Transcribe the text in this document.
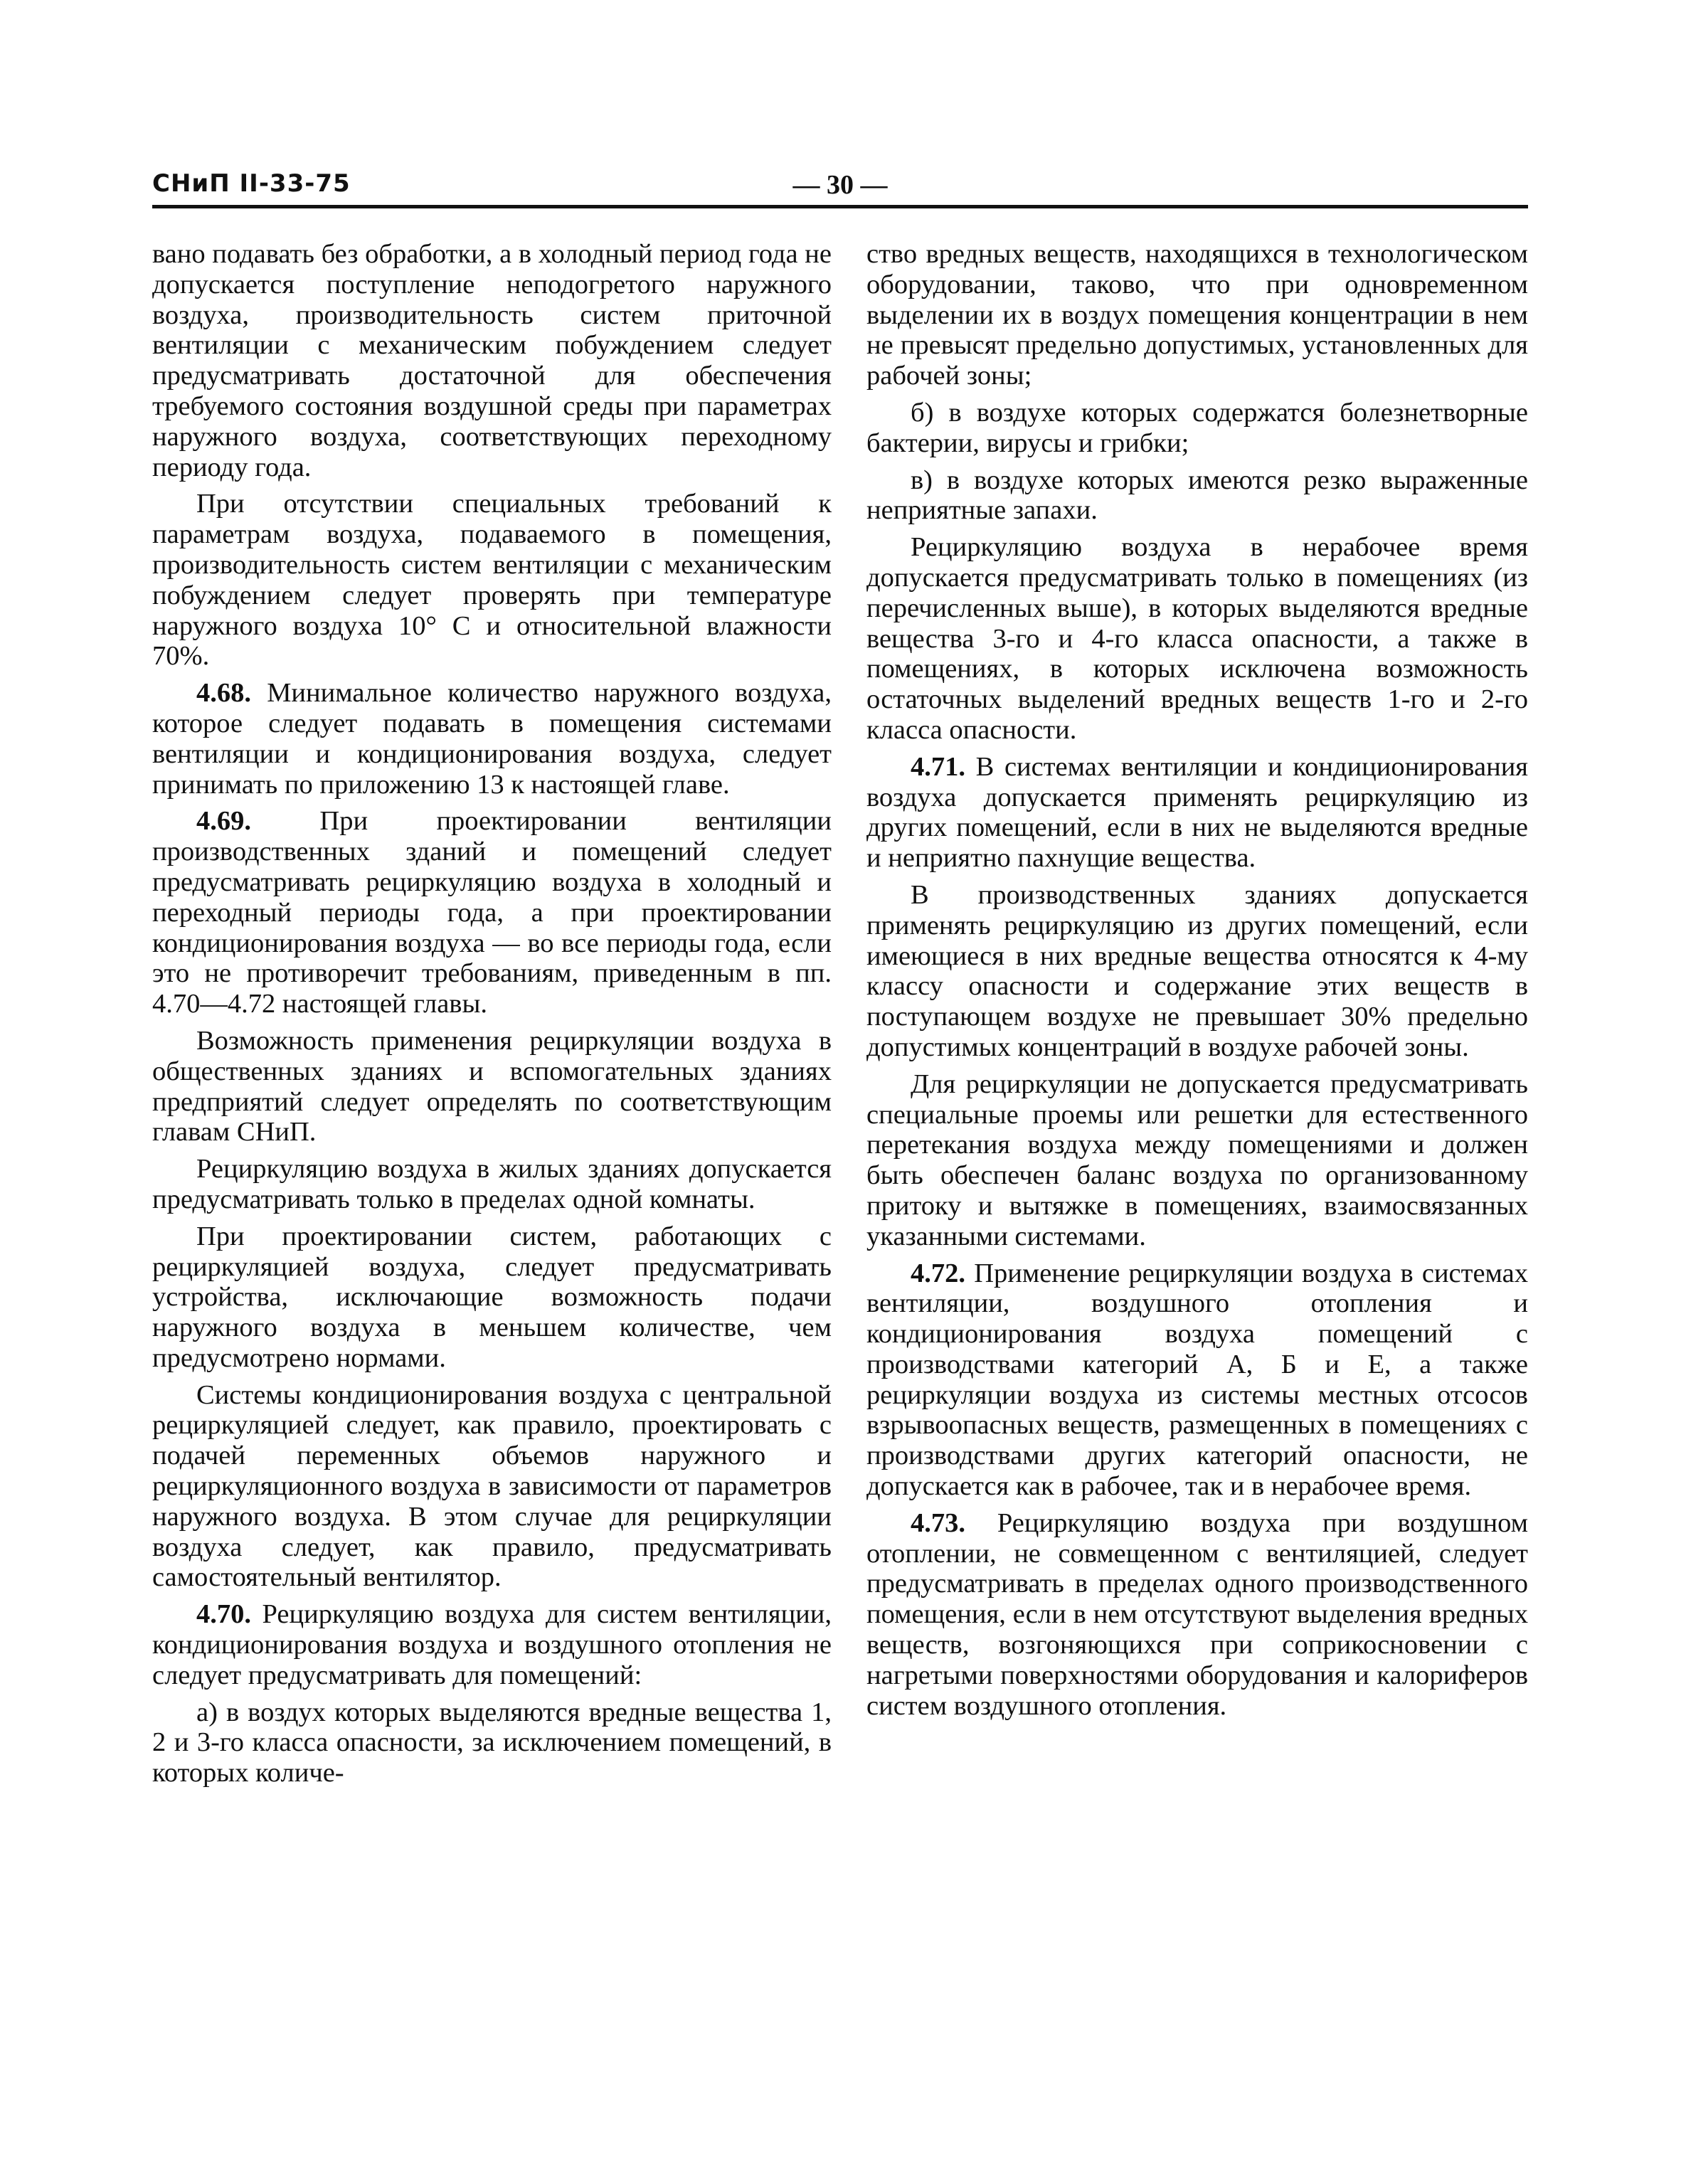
СНиП II-33-75	— 30 —

вано подавать без обработки, а в холодный период года не допускается поступление неподогретого наружного воздуха, производительность систем приточной вентиляции с механическим побуждением следует предусматривать достаточной для обеспечения требуемого состояния воздушной среды при параметрах наружного воздуха, соответствующих переходному периоду года.

При отсутствии специальных требований к параметрам воздуха, подаваемого в помещения, производительность систем вентиляции с механическим побуждением следует проверять при температуре наружного воздуха 10° С и относительной влажности 70%.

4.68. Минимальное количество наружного воздуха, которое следует подавать в помещения системами вентиляции и кондиционирования воздуха, следует принимать по приложению 13 к настоящей главе.

4.69.	При проектировании вентиляции производственных зданий и помещений следует предусматривать рециркуляцию воздуха в холодный и переходный периоды года, а при проектировании кондиционирования воздуха — во все периоды года, если это не противоречит требованиям, приведенным в пп. 4.70—4.72 настоящей главы.

Возможность применения рециркуляции воздуха в общественных зданиях и вспомогательных зданиях предприятий следует определять по соответствующим главам СНиП.

Рециркуляцию воздуха в жилых зданиях допускается предусматривать только в пределах одной комнаты.

При проектировании систем, работающих с рециркуляцией воздуха, следует предусматривать устройства, исключающие возможность подачи наружного воздуха в меньшем количестве, чем предусмотрено нормами.

Системы кондиционирования воздуха с центральной рециркуляцией следует, как правило, проектировать с подачей переменных объемов наружного и рециркуляционного воздуха в зависимости от параметров наружного воздуха. В этом случае для рециркуляции воздуха следует, как правило, предусматривать самостоятельный вентилятор.

4.70. Рециркуляцию воздуха для систем вентиляции, кондиционирования воздуха и воздушного отопления не следует предусматривать для помещений:

а) в воздух которых выделяются вредные вещества 1, 2 и 3-го класса опасности, за исключением помещений, в которых количе-

ство вредных веществ, находящихся в технологическом оборудовании, таково, что при одновременном выделении их в воздух помещения концентрации в нем не превысят предельно допустимых, установленных для рабочей зоны;

б) в воздухе которых содержатся болезнетворные бактерии, вирусы и грибки;

в) в воздухе которых имеются резко выраженные неприятные запахи.

Рециркуляцию воздуха в нерабочее время допускается предусматривать только в помещениях (из перечисленных выше), в которых выделяются вредные вещества 3-го и 4-го класса опасности, а также в помещениях, в которых исключена возможность остаточных выделений вредных веществ 1-го и 2-го класса опасности.

4.71. В системах вентиляции и кондиционирования воздуха допускается применять рециркуляцию из других помещений, если в них не выделяются вредные и неприятно пахнущие вещества.

В производственных зданиях допускается применять рециркуляцию из других помещений, если имеющиеся в них вредные вещества относятся к 4-му классу опасности и содержание этих веществ в поступающем воздухе не превышает 30% предельно допустимых концентраций в воздухе рабочей зоны.

Для рециркуляции не допускается предусматривать специальные проемы или решетки для естественного перетекания воздуха между помещениями и должен быть обеспечен баланс воздуха по организованному притоку и вытяжке в помещениях, взаимосвязанных указанными системами.

4.72. Применение рециркуляции воздуха в системах вентиляции, воздушного отопления и кондиционирования воздуха помещений с производствами категорий А, Б и Е, а также рециркуляции воздуха из системы местных отсосов взрывоопасных веществ, размещенных в помещениях с производствами других категорий опасности, не допускается как в рабочее, так и в нерабочее время.

4.73. Рециркуляцию воздуха при воздушном отоплении, не совмещенном с вентиляцией, следует предусматривать в пределах одного производственного помещения, если в нем отсутствуют выделения вредных веществ, возгоняющихся при соприкосновении с нагретыми поверхностями оборудования и калориферов систем воздушного отопления.
